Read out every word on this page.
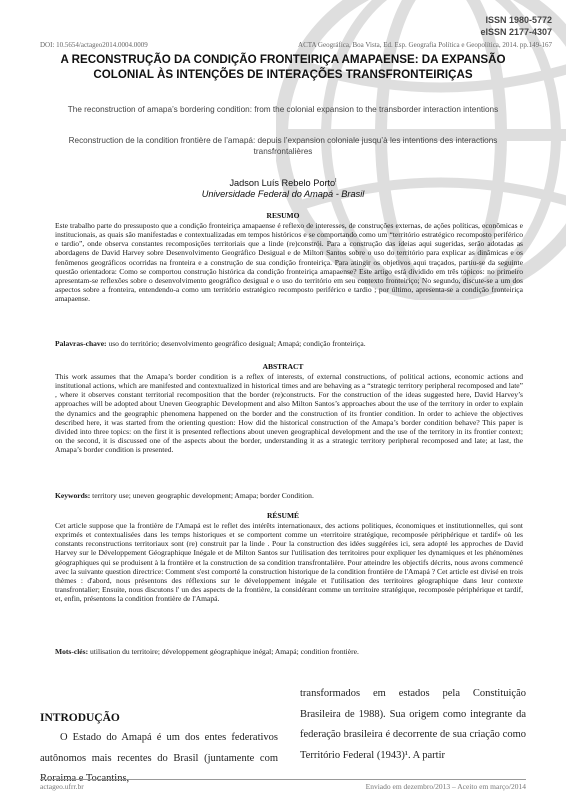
ISSN 1980-5772
eISSN 2177-4307
DOI: 10.5654/actageo2014.0004.0009	ACTA Geográfica, Boa Vista, Ed. Esp. Geografia Política e Geopolítica, 2014. pp.149-167
A RECONSTRUÇÃO DA CONDIÇÃO FRONTEIRIÇA AMAPAENSE: DA EXPANSÃO COLONIAL ÀS INTENÇÕES DE INTERAÇÕES TRANSFRONTEIRIÇAS
The reconstruction of amapa’s bordering condition: from the colonial expansion to the transborder interaction intentions
Reconstruction de la condition frontière de l’amapá: depuis l’expansion coloniale jusqu’à les intentions des interactions transfrontalières
Jadson Luís Rebelo Porto$^I$
Universidade Federal do Amapá - Brasil
RESUMO
Este trabalho parte do pressuposto que a condição fronteiriça amapaense é reflexo de interesses, de construções externas, de ações políticas, econômicas e institucionais, as quais são manifestadas e contextualizadas em tempos históricos e se comportando como um “território estratégico recomposto periférico e tardio”, onde observa constantes recomposições territoriais que a linde (re)constrói. Para a construção das ideias aqui sugeridas, serão adotadas as abordagens de David Harvey sobre Desenvolvimento Geográfico Desigual e de Milton Santos sobre o uso do território para explicar as dinâmicas e os fenômenos geográficos ocorridas na fronteira e a construção de sua condição fronteiriça. Para atingir os objetivos aqui traçados, partiu-se da seguinte questão orientadora: Como se comportou construção histórica da condição fronteiriça amapaense? Este artigo está dividido em três tópicos: no primeiro apresentam-se reflexões sobre o desenvolvimento geográfico desigual e o uso do território em seu contexto fronteiriço; No segundo, discute-se a um dos aspectos sobre a fronteira, entendendo-a como um território estratégico recomposto periférico e tardio ; por último, apresenta-se a condição fronteiriça amapaense.
Palavras-chave: uso do território; desenvolvimento geográfico desigual; Amapá; condição fronteiriça.
ABSTRACT
This work assumes that the Amapa’s border condition is a reflex of interests, of external constructions, of political actions, economic actions and institutional actions, which are manifested and contextualized in historical times and are behaving as a “strategic territory peripheral recomposed and late” , where it observes constant territorial recomposition that the border (re)constructs. For the construction of the ideas suggested here, David Harvey’s approaches will be adopted about Uneven Geographic Development and also Milton Santos’s approaches about the use of the territory in order to explain the dynamics and the geographic phenomena happened on the border and the construction of its frontier condition. In order to achieve the objectives described here, it was started from the orienting question: How did the historical construction of the Amapa’s border condition behave? This paper is divided into three topics: on the first it is presented reflections about uneven geographical development and the use of the territory in its frontier context; on the second, it is discussed one of the aspects about the border, understanding it as a strategic territory peripheral recomposed and late; at last, the Amapa’s border condition is presented.
Keywords: territory use; uneven geographic development; Amapa; border Condition.
RÉSUMÉ
Cet article suppose que la frontière de l'Amapá est le reflet des intérêts internationaux, des actions politiques, économiques et institutionnelles, qui sont exprimés et contextualisées dans les temps historiques et se comportent comme un «territoire stratégique, recomposée périphérique et tardif» où les constants reconstructions territoriaux sont (re) construit par la linde . Pour la construction des idées suggérées ici, sera adopté les approches de David Harvey sur le Développement Géographique Inégale et de Milton Santos sur l'utilisation des territoires pour expliquer les dynamiques et les phénomènes géographiques qui se produisent à la frontière et la construction de sa condition transfrontalière. Pour atteindre les objectifs décrits, nous avons commencé avec la suivante question directrice: Comment s'est comporté la construction historique de la condition frontière de l'Amapá ? Cet article est divisé en trois thèmes : d'abord, nous présentons des réflexions sur le développement inégale et l'utilisation des territoires géographique dans leur contexte transfrontalier; Ensuite, nous discutons l' un des aspects de la frontière, la considérant comme un territoire stratégique, recomposée périphérique et tardif, et, enfin, présentons la condition frontière de l'Amapá.
Mots-clés: utilisation du territoire; développement géographique inégal; Amapá; condition frontière.
INTRODUÇÃO
O Estado do Amapá é um dos entes federativos autônomos mais recentes do Brasil (juntamente com Roraima e Tocantins,
transformados em estados pela Constituição Brasileira de 1988). Sua origem como integrante da federação brasileira é decorrente de sua criação como Território Federal (1943)¹. A partir
actageo.ufrr.br	Enviado em dezembro/2013 – Aceito em março/2014
